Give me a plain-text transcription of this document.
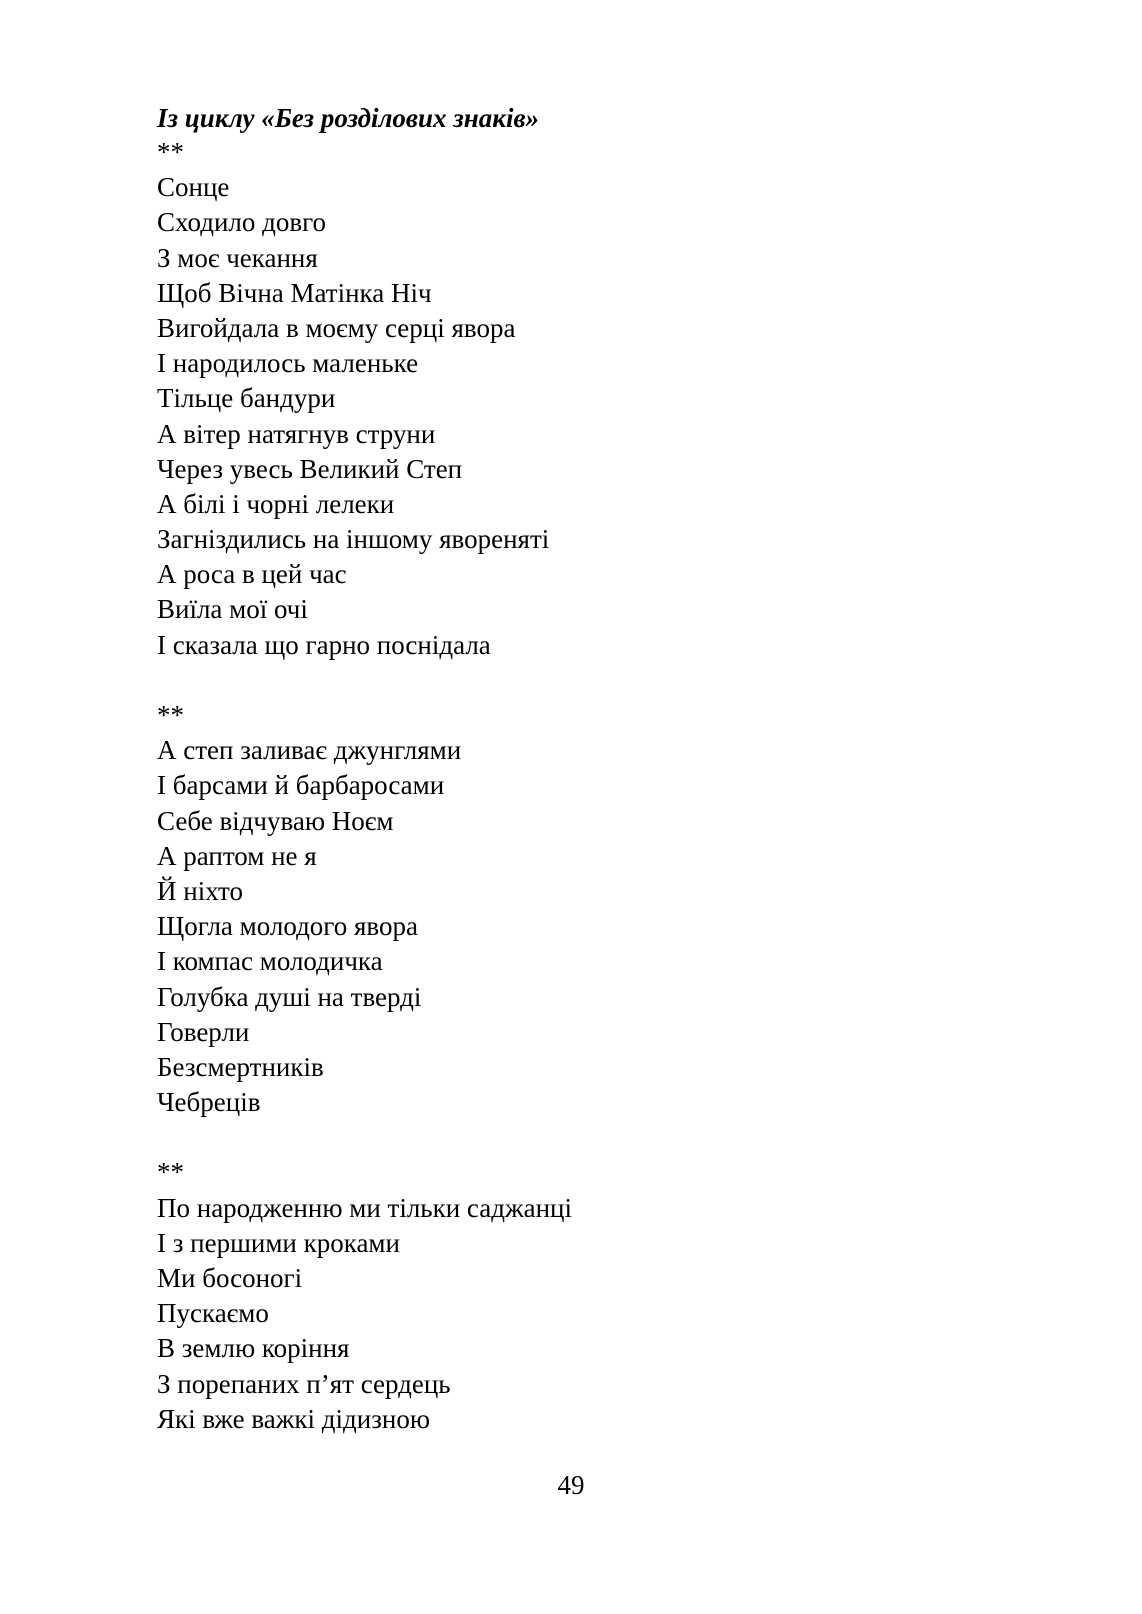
Із циклу «Без розділових знаків»
**
Сонце
Сходило довго
З моє чекання
Щоб Вічна Матінка Ніч
Вигойдала в моєму серці явора
І народилось маленьке
Тільце бандури
А вітер натягнув струни
Через увесь Великий Степ
А білі і чорні лелеки
Загніздились на іншому явореняті
А роса в цей час
Виїла мої очі
І сказала що гарно поснідала
**
А степ заливає джунглями
І барсами й барбаросами
Себе відчуваю Ноєм
А раптом не я
Й ніхто
Щогла молодого явора
І компас молодичка
Голубка душі на тверді
Говерли
Безсмертників
Чебреців
**
По народженню ми тільки саджанці
І з першими кроками
Ми босоногі
Пускаємо
В землю коріння
З порепаних п’ят сердець
Які вже важкі дідизною
49
